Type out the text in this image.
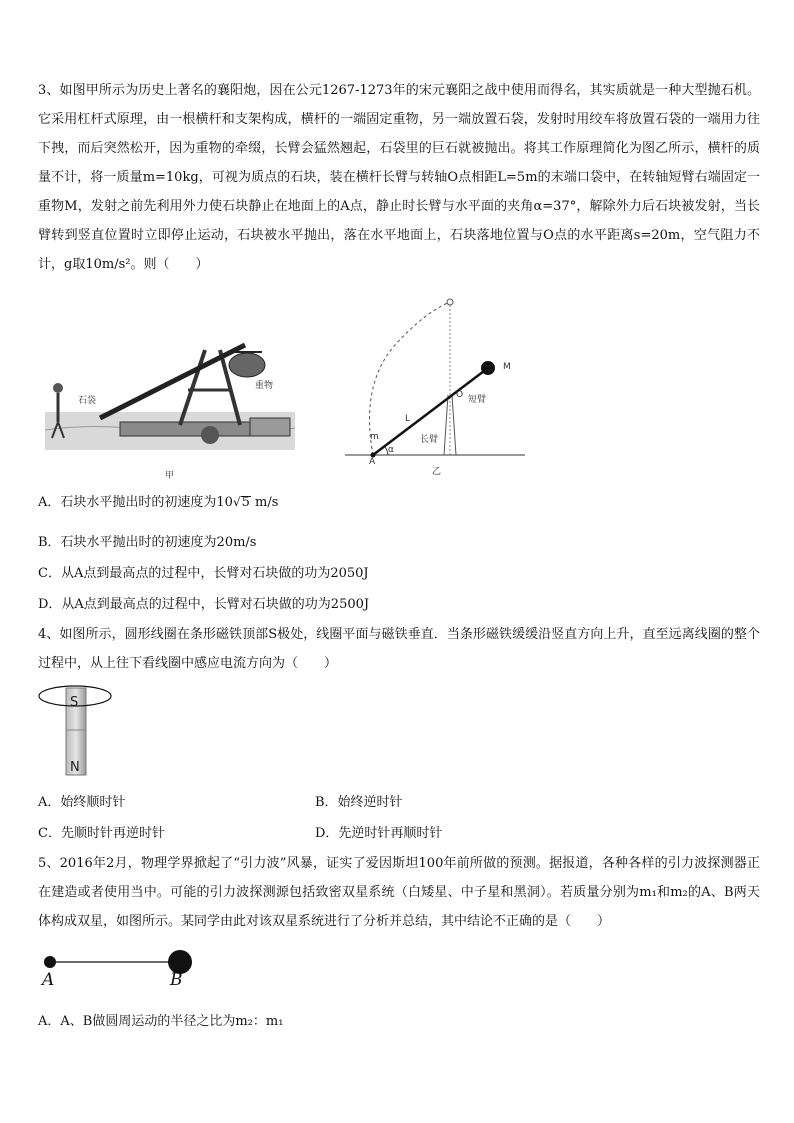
3、如图甲所示为历史上著名的襄阳炮，因在公元1267-1273年的宋元襄阳之战中使用而得名，其实质就是一种大型抛石机。它采用杠杆式原理，由一根横杆和支架构成，横杆的一端固定重物，另一端放置石袋，发射时用绞车将放置石袋的一端用力往下拽，而后突然松开，因为重物的牵缀，长臂会猛然翘起，石袋里的巨石就被抛出。将其工作原理简化为图乙所示，横杆的质量不计，将一质量m=10kg，可视为质点的石块，装在横杆长臂与转轴O点相距L=5m的末端口袋中，在转轴短臂右端固定一重物M，发射之前先利用外力使石块静止在地面上的A点，静止时长臂与水平面的夹角α=37°，解除外力后石块被发射，当长臂转到竖直位置时立即停止运动，石块被水平抛出，落在水平地面上，石块落地位置与O点的水平距离s=20m，空气阻力不计，g取10m/s²。则（　　）
石袋
重物
甲
M
O 短臂
L
长臂
m
α
A
乙
A．石块水平抛出时的初速度为10√5 m/s
B．石块水平抛出时的初速度为20m/s
C．从A点到最高点的过程中，长臂对石块做的功为2050J
D．从A点到最高点的过程中，长臂对石块做的功为2500J
4、如图所示，圆形线圈在条形磁铁顶部S极处，线圈平面与磁铁垂直．当条形磁铁缓缓沿竖直方向上升，直至远离线圈的整个过程中，从上往下看线圈中感应电流方向为（　　）
S
N
A．始终顺时针	B．始终逆时针
C．先顺时针再逆时针	D．先逆时针再顺时针
5、2016年2月，物理学界掀起了“引力波”风暴，证实了爱因斯坦100年前所做的预测。据报道，各种各样的引力波探测器正在建造或者使用当中。可能的引力波探测源包括致密双星系统（白矮星、中子星和黑洞）。若质量分别为m₁和m₂的A、B两天体构成双星，如图所示。某同学由此对该双星系统进行了分析并总结，其中结论不正确的是（　　）
A	B
A．A、B做圆周运动的半径之比为m₂：m₁
